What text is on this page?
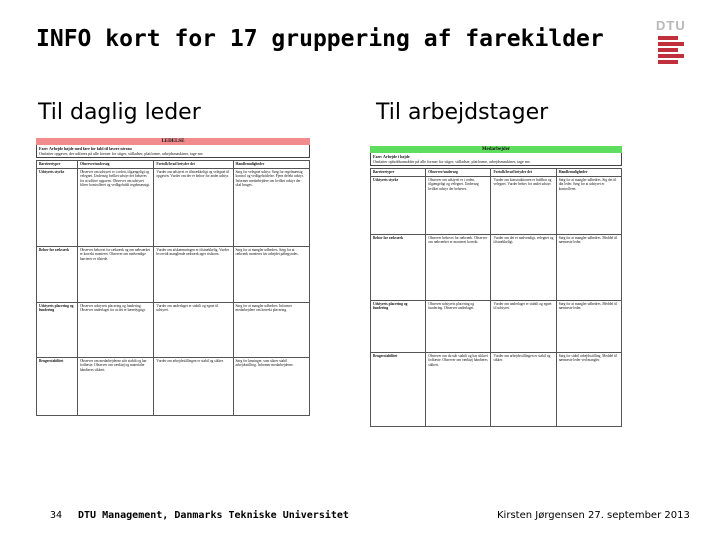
INFO kort for 17 gruppering af farekilder
DTU
Til daglig leder	Til arbejdstager
LEDELSE
Fare: Arbejde højde med fare for fald til lavere niveau
Omfatter opgaver, der udføres på alle former for stiger, stilladser, platforme, arbejdsmaskiner, tage mv.
Barrieretyper	Observer/undersøg	Fortolk/hvad betyder det	Handlemuligheder
Udstyrets styrke	Observer om udstyret er i orden, tilgængeligt og velegnet. Undersøg hvilket udstyr der behøves for at udføre opgaven. Observer om udstyret bliver kontrolleret og vedligeholdt regelmæssigt.	Vurder om udstyret er tilstrækkeligt og velegnet til opgaven. Vurder om der er behov for andet udstyr.	Sørg for velegnet udstyr. Sørg for regelmæssig kontrol og vedligeholdelse. Fjern defekt udstyr. Informer medarbejdere om hvilket udstyr der skal bruges.
Behov for rækværk	Observer behovet for rækværk og om rækværket er korrekt monteret. Observer om nødvendige barrierer er tilstede.	Vurder om afskærmningen er tilstrækkelig. Vurder hvorvidt manglende rækværk øger risikoen.	Sørg for at mangler udbedres. Sørg for at rækværk monteres før arbejdet påbegyndes.
Udstyrets placering og fundering	Observer udstyrets placering og fundering. Observer underlaget for at det er bæredygtigt.	Vurder om underlaget er stabilt og egnet til udstyret.	Sørg for at mangler udbedres. Informer medarbejdere om korrekt placering.
Brugerstabilitet	Observer om medarbejderne står stabilt og har fodfæste. Observer om værktøj og materialer håndteres sikkert.	Vurder om arbejdsstillingen er stabil og sikker.	Sørg for løsninger, som sikrer stabil arbejdsstilling. Informer medarbejderne.
Medarbejder
Fare: Arbejde i højde
Omfatter opholdsområder på alle former for stiger, stilladser, platforme, arbejdsmaskiner, tage mv.
Barrieretyper	Observer/undersøg	Fortolk/hvad betyder det	Handlemuligheder
Udstyrets styrke	Observer om udstyret er i orden, tilgængeligt og velegnet. Undersøg hvilket udstyr der behøves.	Vurder om konstruktionen er holdbar og velegnet. Vurder behov for andet udstyr.	Sørg for at mangler udbedres. Sig det til din leder. Sørg for at udstyret er kontrolleret.
Behov for rækværk	Observer behovet for rækværk. Observer om rækværket er monteret korrekt.	Vurder om det er nødvendigt, velegnet og tilstrækkeligt.	Sørg for at mangler udbedres. Meddel til nærmeste leder.
Udstyrets placering og fundering	Observer udstyrets placering og fundering. Observer underlaget.	Vurder om underlaget er stabilt og egnet til udstyret.	Sørg for at mangler udbedres. Meddel til nærmeste leder.
Brugerstabilitet	Observer om du står stabilt og har sikkert fodfæste. Observer om værktøj håndteres sikkert.	Vurder om arbejdsstillingen er stabil og sikker.	Sørg for stabil arbejdsstilling. Meddel til nærmeste leder ved mangler.
34 DTU Management, Danmarks Tekniske Universitet	Kirsten Jørgensen 27. september 2013
